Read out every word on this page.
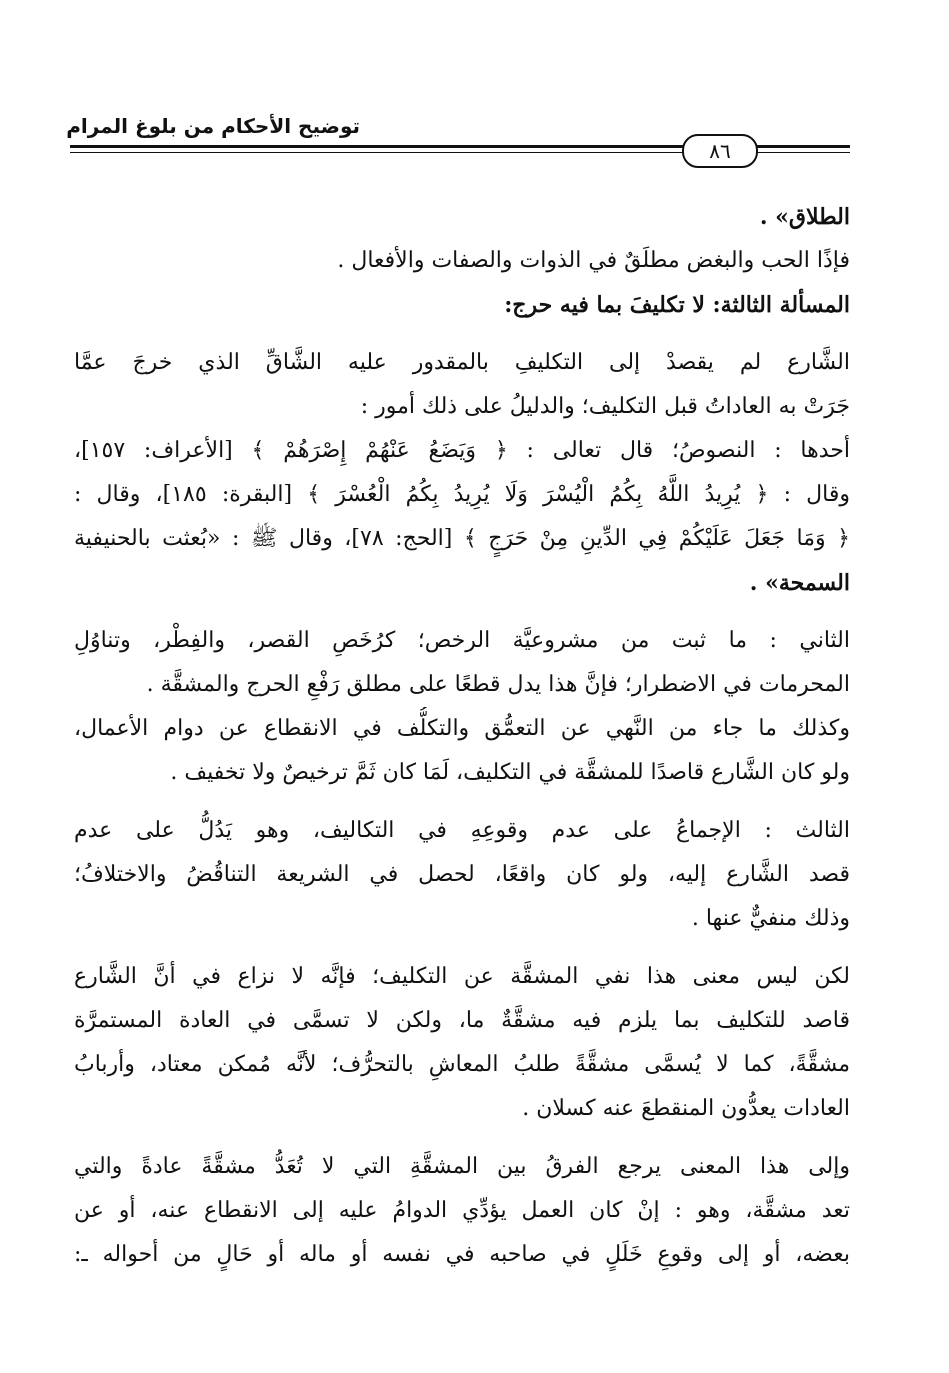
توضيح الأحكام من بلوغ المرام
٨٦
الطلاق» .
فإذًا الحب والبغض مطلَقٌ في الذوات والصفات والأفعال .
المسألة الثالثة: لا تكليفَ بما فيه حرج:
الشَّارع لم يقصدْ إلى التكليفِ بالمقدور عليه الشَّاقِّ الذي خرجَ عمَّا
جَرَتْ به العاداتُ قبل التكليف؛ والدليلُ على ذلك أمور :
أحدها : النصوصُ؛ قال تعالى : ﴿ وَيَضَعُ عَنْهُمْ إِصْرَهُمْ ﴾ [الأعراف: ١٥٧]،
وقال : ﴿ يُرِيدُ اللَّهُ بِكُمُ الْيُسْرَ وَلَا يُرِيدُ بِكُمُ الْعُسْرَ ﴾ [البقرة: ١٨٥]، وقال :
﴿ وَمَا جَعَلَ عَلَيْكُمْ فِي الدِّينِ مِنْ حَرَجٍ ﴾ [الحج: ٧٨]، وقال ﷺ : «بُعثت بالحنيفية
السمحة» .
الثاني : ما ثبت من مشروعيَّة الرخص؛ كرُخَصِ القصر، والفِطْر، وتناوُلِ
المحرمات في الاضطرار؛ فإنَّ هذا يدل قطعًا على مطلق رَفْعِ الحرج والمشقَّة .
وكذلك ما جاء من النَّهي عن التعمُّق والتكلُّف في الانقطاع عن دوام الأعمال،
ولو كان الشَّارع قاصدًا للمشقَّة في التكليف، لَمَا كان ثَمَّ ترخيصٌ ولا تخفيف .
الثالث : الإجماعُ على عدم وقوعِهِ في التكاليف، وهو يَدُلُّ على عدم
قصد الشَّارع إليه، ولو كان واقعًا، لحصل في الشريعة التناقُضُ والاختلافُ؛
وذلك منفيٌّ عنها .
لكن ليس معنى هذا نفي المشقَّة عن التكليف؛ فإنَّه لا نزاع في أنَّ الشَّارع
قاصد للتكليف بما يلزم فيه مشقَّةٌ ما، ولكن لا تسمَّى في العادة المستمرَّة
مشقَّةً، كما لا يُسمَّى مشقَّةً طلبُ المعاشِ بالتحرُّف؛ لأنَّه مُمكن معتاد، وأربابُ
العادات يعدُّون المنقطعَ عنه كسلان .
وإلى هذا المعنى يرجع الفرقُ بين المشقَّةِ التي لا تُعَدُّ مشقَّةً عادةً والتي
تعد مشقَّة، وهو : إنْ كان العمل يؤدِّي الدوامُ عليه إلى الانقطاع عنه، أو عن
بعضه، أو إلى وقوعِ خَلَلٍ في صاحبه في نفسه أو ماله أو حَالٍ من أحواله ـ:
